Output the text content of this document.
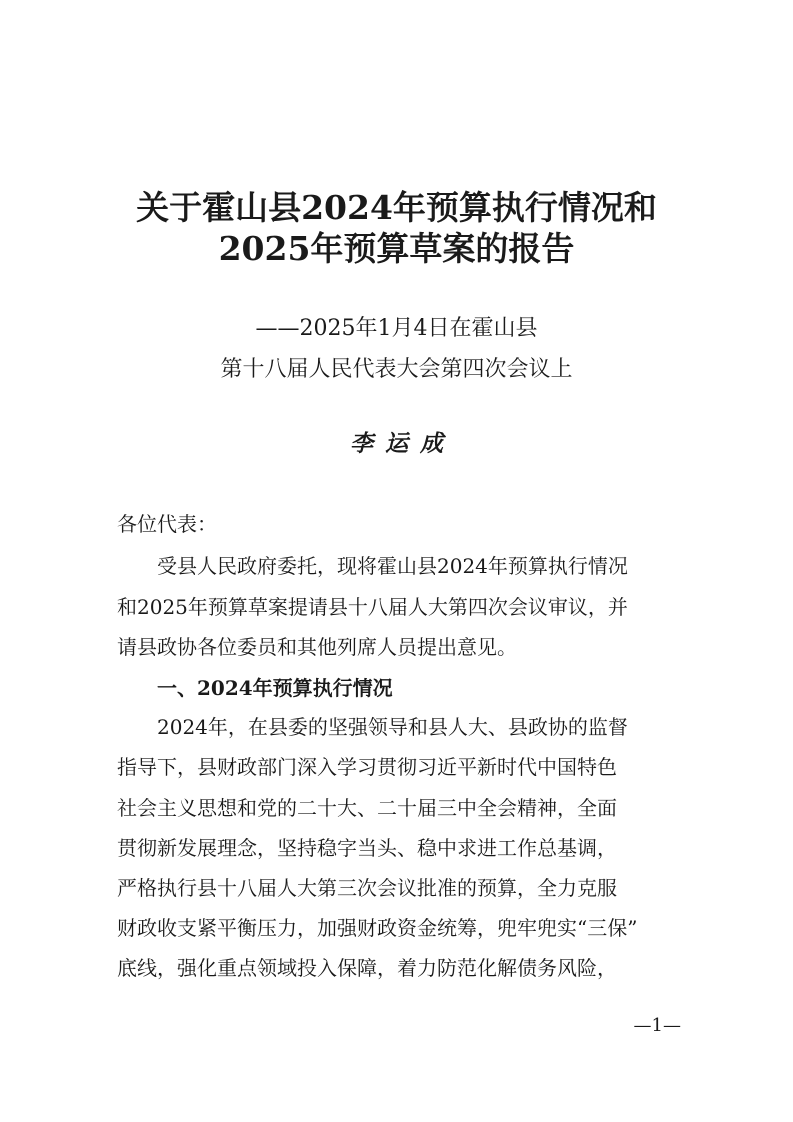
关于霍山县2024年预算执行情况和
2025年预算草案的报告
——2025年1月4日在霍山县
第十八届人民代表大会第四次会议上
李运成
各位代表：
受县人民政府委托，现将霍山县2024年预算执行情况
和2025年预算草案提请县十八届人大第四次会议审议，并
请县政协各位委员和其他列席人员提出意见。
一、2024年预算执行情况
2024年，在县委的坚强领导和县人大、县政协的监督
指导下，县财政部门深入学习贯彻习近平新时代中国特色
社会主义思想和党的二十大、二十届三中全会精神，全面
贯彻新发展理念，坚持稳字当头、稳中求进工作总基调，
严格执行县十八届人大第三次会议批准的预算，全力克服
财政收支紧平衡压力，加强财政资金统筹，兜牢兜实“三保”
底线，强化重点领域投入保障，着力防范化解债务风险，
—1—
